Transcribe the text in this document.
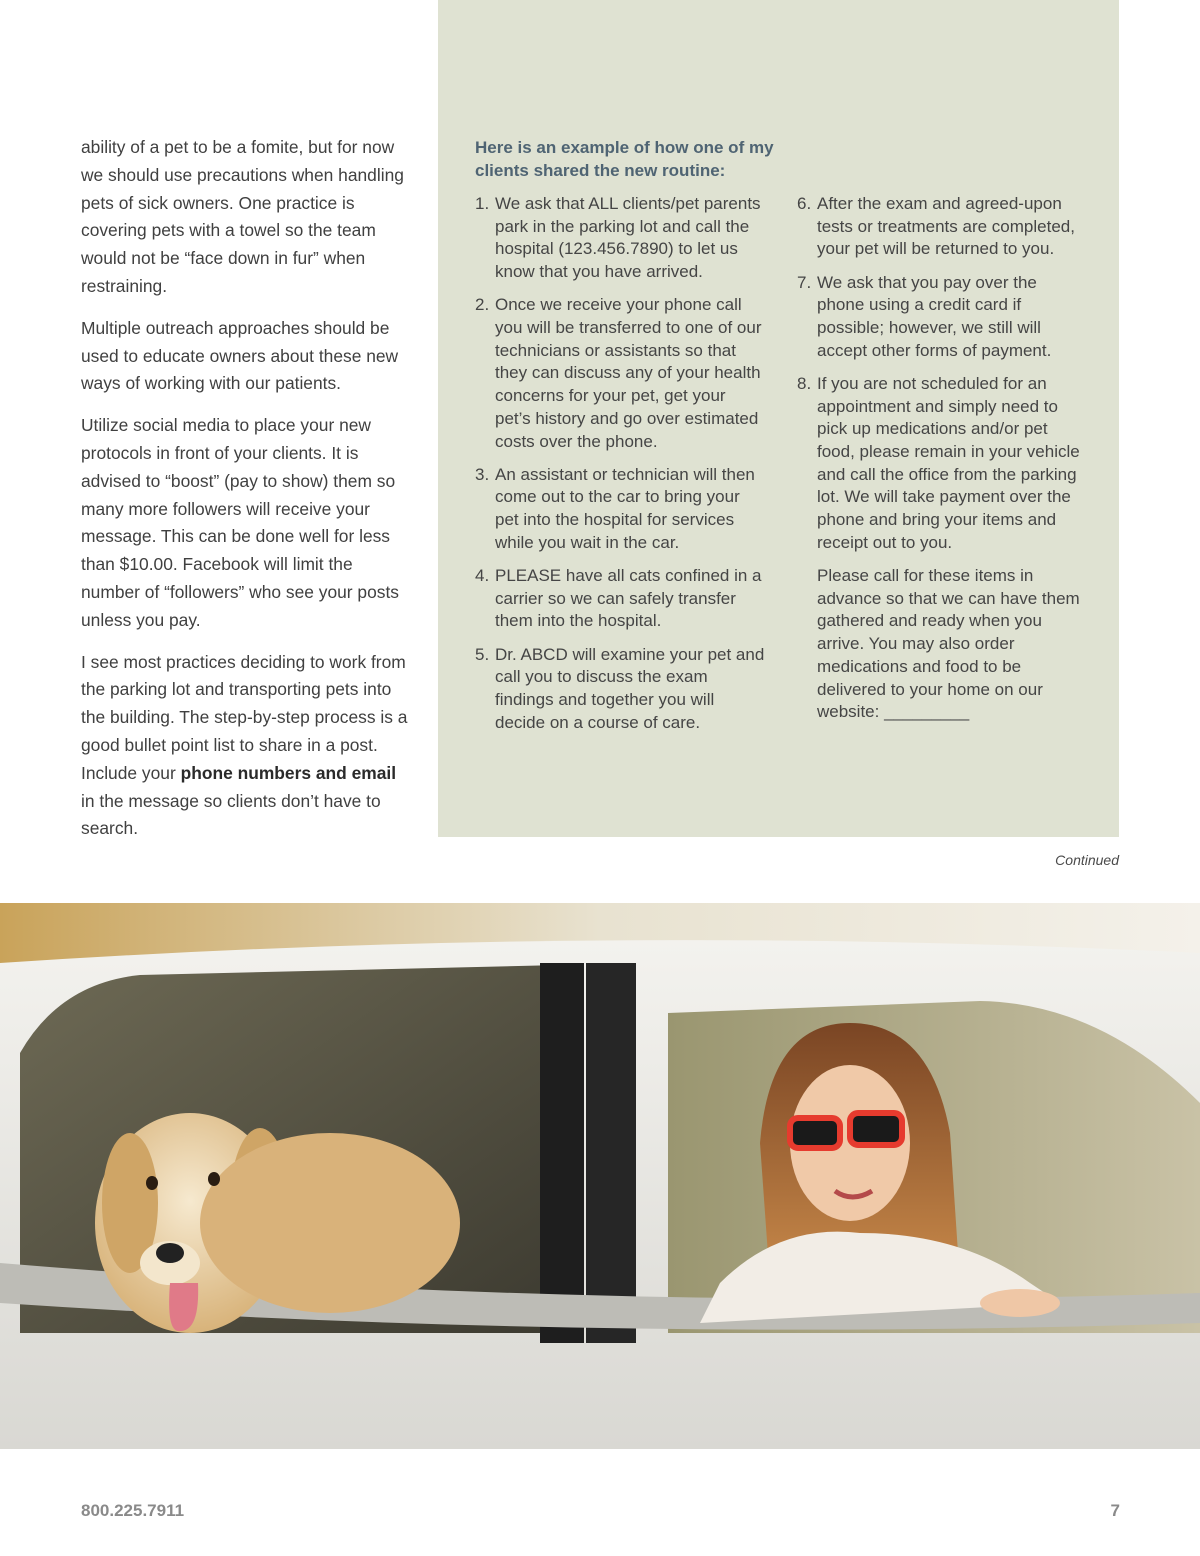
ability of a pet to be a fomite, but for now we should use precautions when handling pets of sick owners. One practice is covering pets with a towel so the team would not be “face down in fur” when restraining.

Multiple outreach approaches should be used to educate owners about these new ways of working with our patients.

Utilize social media to place your new protocols in front of your clients. It is advised to “boost” (pay to show) them so many more followers will receive your message. This can be done well for less than $10.00. Facebook will limit the number of “followers” who see your posts unless you pay.

I see most practices deciding to work from the parking lot and transporting pets into the building. The step-by-step process is a good bullet point list to share in a post. Include your phone numbers and email in the message so clients don’t have to search.

Here is an example of how one of my clients shared the new routine:
1. We ask that ALL clients/pet parents park in the parking lot and call the hospital (123.456.7890) to let us know that you have arrived.
2. Once we receive your phone call you will be transferred to one of our technicians or assistants so that they can discuss any of your health concerns for your pet, get your pet’s history and go over estimated costs over the phone.
3. An assistant or technician will then come out to the car to bring your pet into the hospital for services while you wait in the car.
4. PLEASE have all cats confined in a carrier so we can safely transfer them into the hospital.
5. Dr. ABCD will examine your pet and call you to discuss the exam findings and together you will decide on a course of care.
6. After the exam and agreed-upon tests or treatments are completed, your pet will be returned to you.
7. We ask that you pay over the phone using a credit card if possible; however, we still will accept other forms of payment.
8. If you are not scheduled for an appointment and simply need to pick up medications and/or pet food, please remain in your vehicle and call the office from the parking lot. We will take payment over the phone and bring your items and receipt out to you.
Please call for these items in advance so that we can have them gathered and ready when you arrive. You may also order medications and food to be delivered to your home on our website: _________
Continued
800.225.7911	7
